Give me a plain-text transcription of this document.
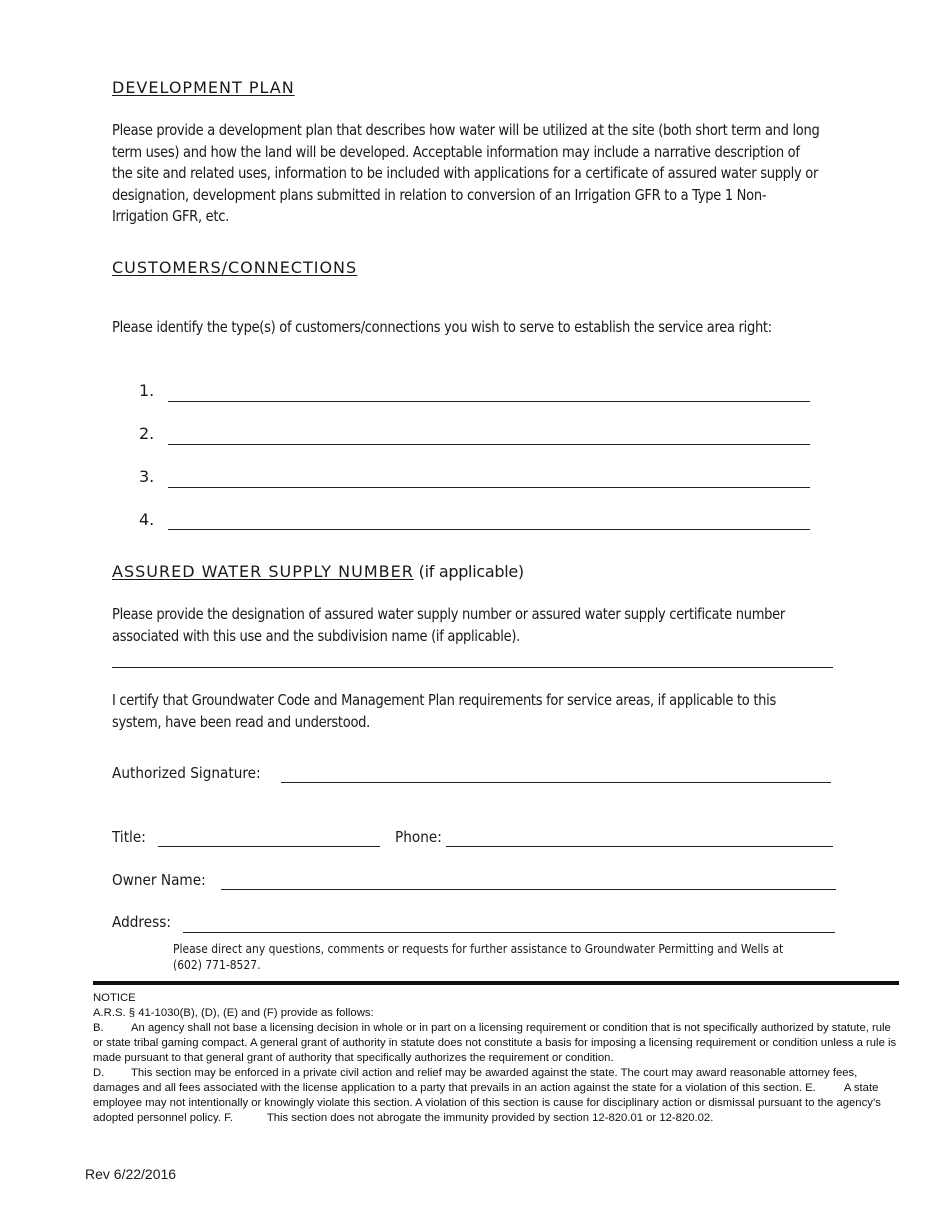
DEVELOPMENT PLAN
Please provide a development plan that describes how water will be utilized at the site (both short term and long term uses) and how the land will be developed. Acceptable information may include a narrative description of the site and related uses, information to be included with applications for a certificate of assured water supply or designation, development plans submitted in relation to conversion of an Irrigation GFR to a Type 1 Non-Irrigation GFR, etc.
CUSTOMERS/CONNECTIONS
Please identify the type(s) of customers/connections you wish to serve to establish the service area right:
1.
2.
3.
4.
ASSURED WATER SUPPLY NUMBER (if applicable)
Please provide the designation of assured water supply number or assured water supply certificate number associated with this use and the subdivision name (if applicable).
I certify that Groundwater Code and Management Plan requirements for service areas, if applicable to this system, have been read and understood.
Authorized Signature:
Title:	Phone:
Owner Name:
Address:
Please direct any questions, comments or requests for further assistance to Groundwater Permitting and Wells at (602) 771-8527.
NOTICE
A.R.S. § 41-1030(B), (D), (E) and (F) provide as follows:
B. An agency shall not base a licensing decision in whole or in part on a licensing requirement or condition that is not specifically authorized by statute, rule or state tribal gaming compact. A general grant of authority in statute does not constitute a basis for imposing a licensing requirement or condition unless a rule is made pursuant to that general grant of authority that specifically authorizes the requirement or condition.
D. This section may be enforced in a private civil action and relief may be awarded against the state. The court may award reasonable attorney fees, damages and all fees associated with the license application to a party that prevails in an action against the state for a violation of this section. E. A state employee may not intentionally or knowingly violate this section. A violation of this section is cause for disciplinary action or dismissal pursuant to the agency’s adopted personnel policy. F.	This section does not abrogate the immunity provided by section 12-820.01 or 12-820.02.
Rev 6/22/2016
